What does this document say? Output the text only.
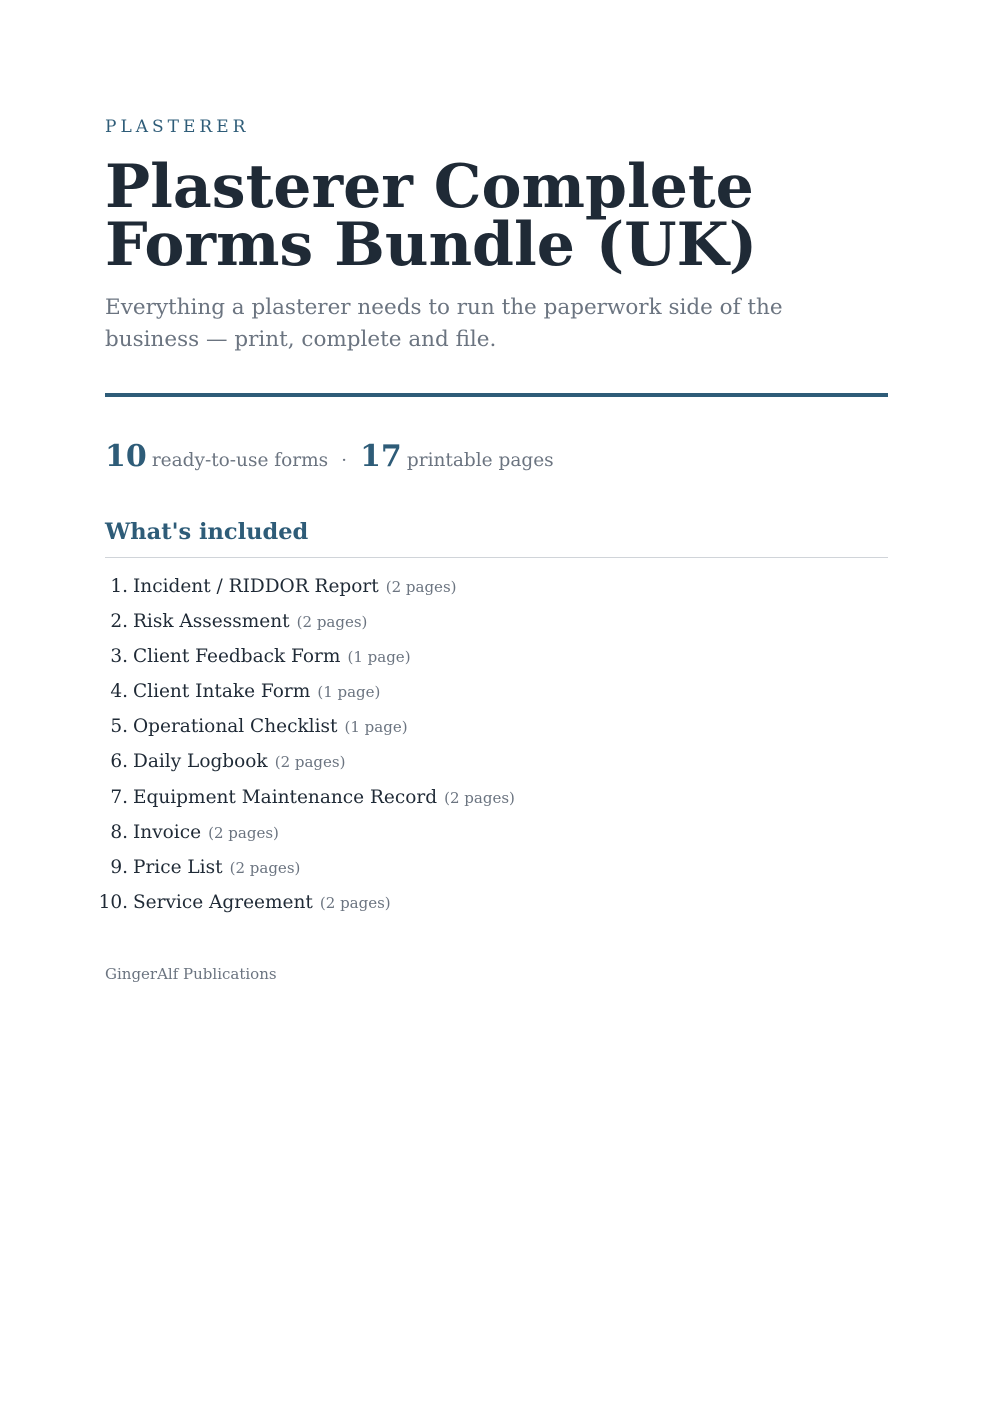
PLASTERER
Plasterer Complete Forms Bundle (UK)
Everything a plasterer needs to run the paperwork side of the business — print, complete and file.
10 ready-to-use forms · 17 printable pages
What's included
1. Incident / RIDDOR Report (2 pages)
2. Risk Assessment (2 pages)
3. Client Feedback Form (1 page)
4. Client Intake Form (1 page)
5. Operational Checklist (1 page)
6. Daily Logbook (2 pages)
7. Equipment Maintenance Record (2 pages)
8. Invoice (2 pages)
9. Price List (2 pages)
10. Service Agreement (2 pages)
GingerAlf Publications
